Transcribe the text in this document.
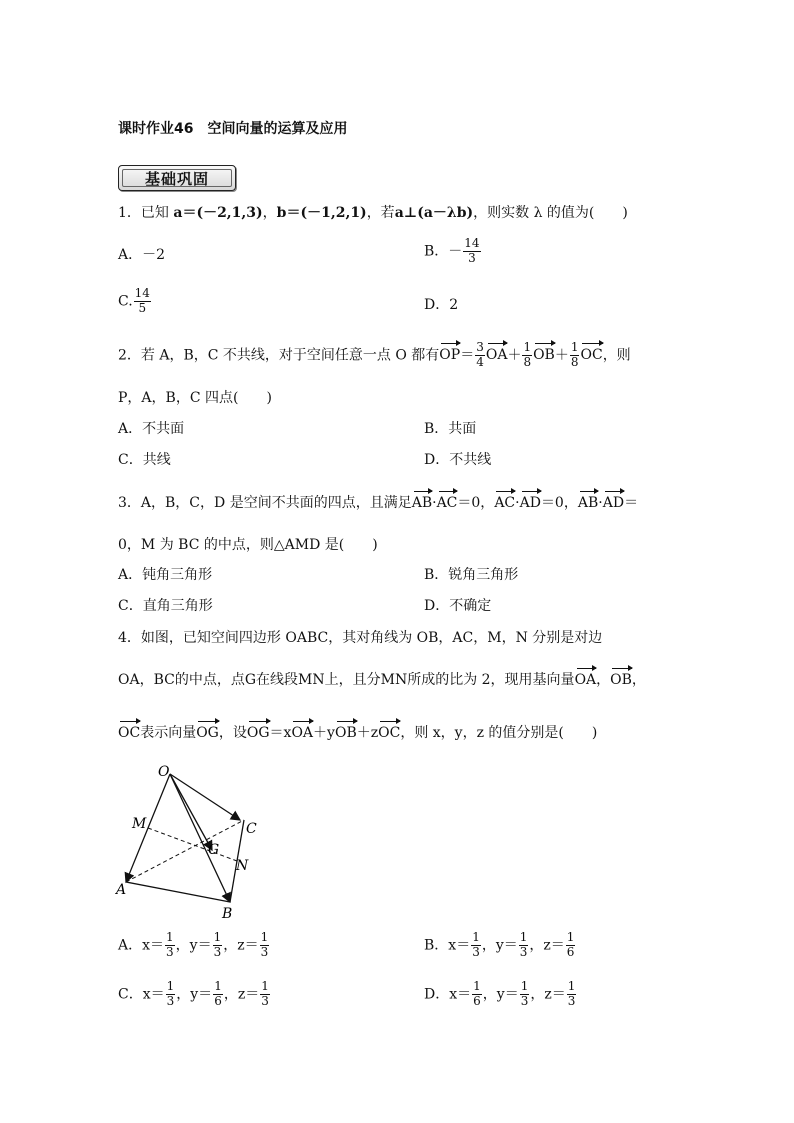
课时作业46　空间向量的运算及应用
基础巩固
1．已知 a＝(－2,1,3)，b＝(－1,2,1)，若a⊥(a－λb)，则实数 λ 的值为(　　)
A．－2	B．－ $\frac{14}{3}$
C. $\frac{14}{5}$	D．2
2．若 A，B，C 不共线，对于空间任意一点 O 都有$OP= \frac{3}{4} OA+ \frac{1}{8} OB+ \frac{1}{8}$ OC，则
P，A，B，C 四点(　　)
A．不共面	B．共面
C．共线	D．不共线
3．A，B，C，D 是空间不共面的四点，且满足AB·AC＝0，AC·AD＝0，AB·AD＝
0，M 为 BC 的中点，则△AMD 是(　　)
A．钝角三角形	B．锐角三角形
C．直角三角形	D．不确定
4．如图，已知空间四边形 OABC，其对角线为 OB，AC，M，N 分别是对边
OA，BC的中点，点G在线段MN上，且分MN所成的比为 2，现用基向量OA，OB，
OC表示向量OG，设OG＝xOA＋yOB＋zOC，则 x，y，z 的值分别是(　　)
O
M
G
C
N
A
B
A．$x= \frac{1}{3}$ ，$y= \frac{1}{3}$ ，$z= \frac{1}{3}$	B．$x= \frac{1}{3}$ ，$y= \frac{1}{3}$ ，$z= \frac{1}{6}$
C．$x= \frac{1}{3}$ ，$y= \frac{1}{6}$ ，$z= \frac{1}{3}$	D．$x= \frac{1}{6}$ ，$y= \frac{1}{3}$ ，$z= \frac{1}{3}$
